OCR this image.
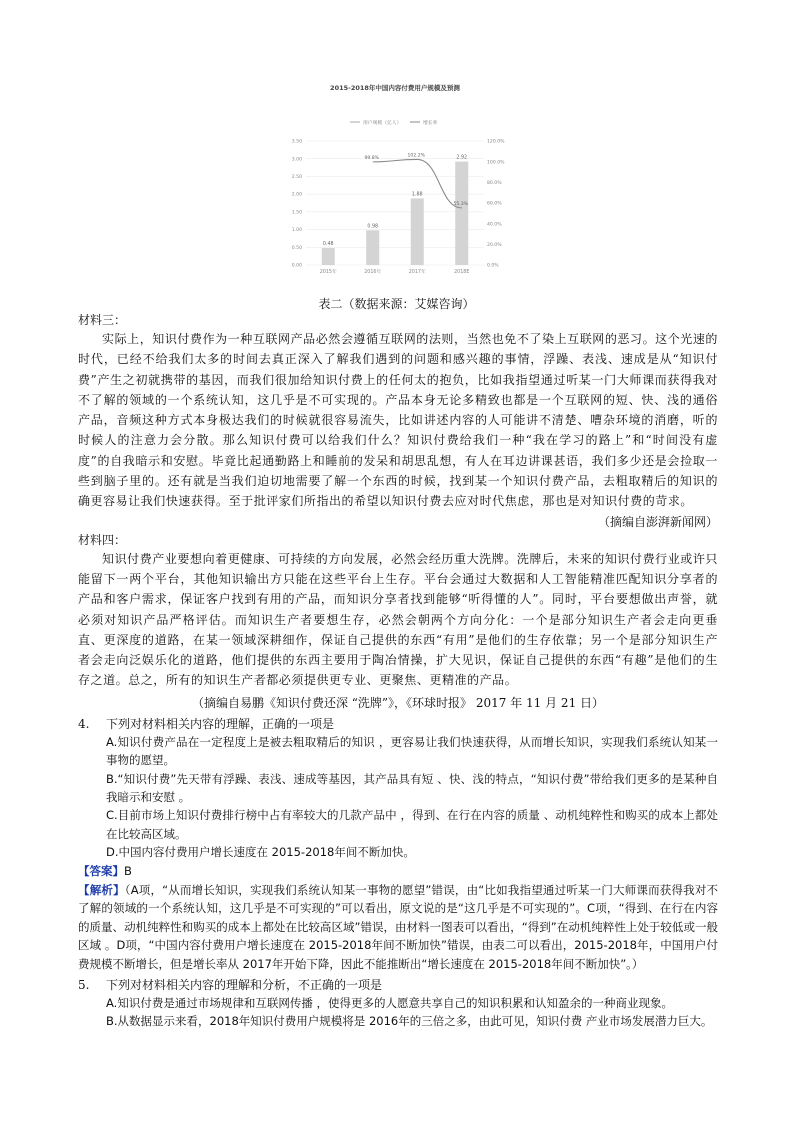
2015-2018年中国内容付费用户规模及预测
用户规模（亿人）	增长率
0.00
0.50
1.00
1.50
2.00
2.50
3.00
3.50
0.0%
20.0%
40.0%
60.0%
80.0%
100.0%
120.0%
0.48
0.98
1.88
2.92
99.8%	102.2%
55.3%
2015年	2016年	2017年	2018E
表二（数据来源：艾媒咨询）
材料三：

实际上，知识付费作为一种互联网产品必然会遵循互联网的法则，当然也免不了染上互联网的恶习。这个光速的时代，已经不给我们太多的时间去真正深入了解我们遇到的问题和感兴趣的事情，浮躁、表浅、速成是从“知识付费”产生之初就携带的基因，而我们很加给知识付费上的任何太的抱负，比如我指望通过听某一门大师课而获得我对不了解的领域的一个系统认知，这几乎是不可实现的。产品本身无论多精致也都是一个互联网的短、快、浅的通俗产品，音频这种方式本身极达我们的时候就很容易流失，比如讲述内容的人可能讲不清楚、嘈杂环境的消磨，听的时候人的注意力会分散。那么知识付费可以给我们什么？知识付费给我们一种“我在学习的路上”和“时间没有虚度”的自我暗示和安慰。毕竟比起通勤路上和睡前的发呆和胡思乱想，有人在耳边讲课甚语，我们多少还是会捡取一些到脑子里的。还有就是当我们迫切地需要了解一个东西的时候，找到某一个知识付费产品，去粗取精后的知识的确更容易让我们快速获得。至于批评家们所指出的希望以知识付费去应对时代焦虑，那也是对知识付费的苛求。

（摘编自澎湃新闻网）
材料四：

知识付费产业要想向着更健康、可持续的方向发展，必然会经历重大洗牌。洗牌后，未来的知识付费行业或许只能留下一两个平台，其他知识输出方只能在这些平台上生存。平台会通过大数据和人工智能精准匹配知识分享者的产品和客户需求，保证客户找到有用的产品，而知识分享者找到能够“听得懂的人”。同时，平台要想做出声誉，就必须对知识产品严格评估。而知识生产者要想生存，必然会朝两个方向分化：一个是部分知识生产者会走向更垂直、更深度的道路，在某一领域深耕细作，保证自己提供的东西“有用”是他们的生存依靠；另一个是部分知识生产者会走向泛娱乐化的道路，他们提供的东西主要用于陶冶情操，扩大见识，保证自己提供的东西“有趣”是他们的生存之道。总之，所有的知识生产者都必须提供更专业、更聚焦、更精准的产品。

（摘编自易鹏《知识付费还深 “洗牌”》，《环球时报》 2017 年 11 月 21 日）
4. 下列对材料相关内容的理解，正确的一项是
A.知识付费产品在一定程度上是被去粗取精后的知识 ，更容易让我们快速获得，从而增长知识，实现我们系统认知某一事物的愿望。
B.“知识付费”先天带有浮躁、表浅、速成等基因，其产品具有短 、快、浅的特点，“知识付费”带给我们更多的是某种自我暗示和安慰 。
C.目前市场上知识付费排行榜中占有率较大的几款产品中 ，得到、在行在内容的质量 、动机纯粹性和购买的成本上都处在比较高区域。
D.中国内容付费用户增长速度在 2015-2018年间不断加快。
【答案】B
【解析】（A项，“从而增长知识，实现我们系统认知某一事物的愿望”错误，由“比如我指望通过听某一门大师课而获得我对不了解的领域的一个系统认知，这几乎是不可实现的”可以看出，原文说的是“这几乎是不可实现的”。C项，“得到、在行在内容的质量、动机纯粹性和购买的成本上都处在比较高区域”错误，由材料一图表可以看出，“得到”在动机纯粹性上处于较低或一般区域 。D项，“中国内容付费用户增长速度在 2015-2018年间不断加快”错误，由表二可以看出，2015-2018年，中国用户付费规模不断增长，但是增长率从 2017年开始下降，因此不能推断出“增长速度在 2015-2018年间不断加快”。）
5. 下列对材料相关内容的理解和分析，不正确的一项是
A.知识付费是通过市场规律和互联网传播 ，使得更多的人愿意共享自己的知识积累和认知盈余的一种商业现象。
B.从数据显示来看，2018年知识付费用户规模将是 2016年的三倍之多，由此可见，知识付费 产业市场发展潜力巨大。
